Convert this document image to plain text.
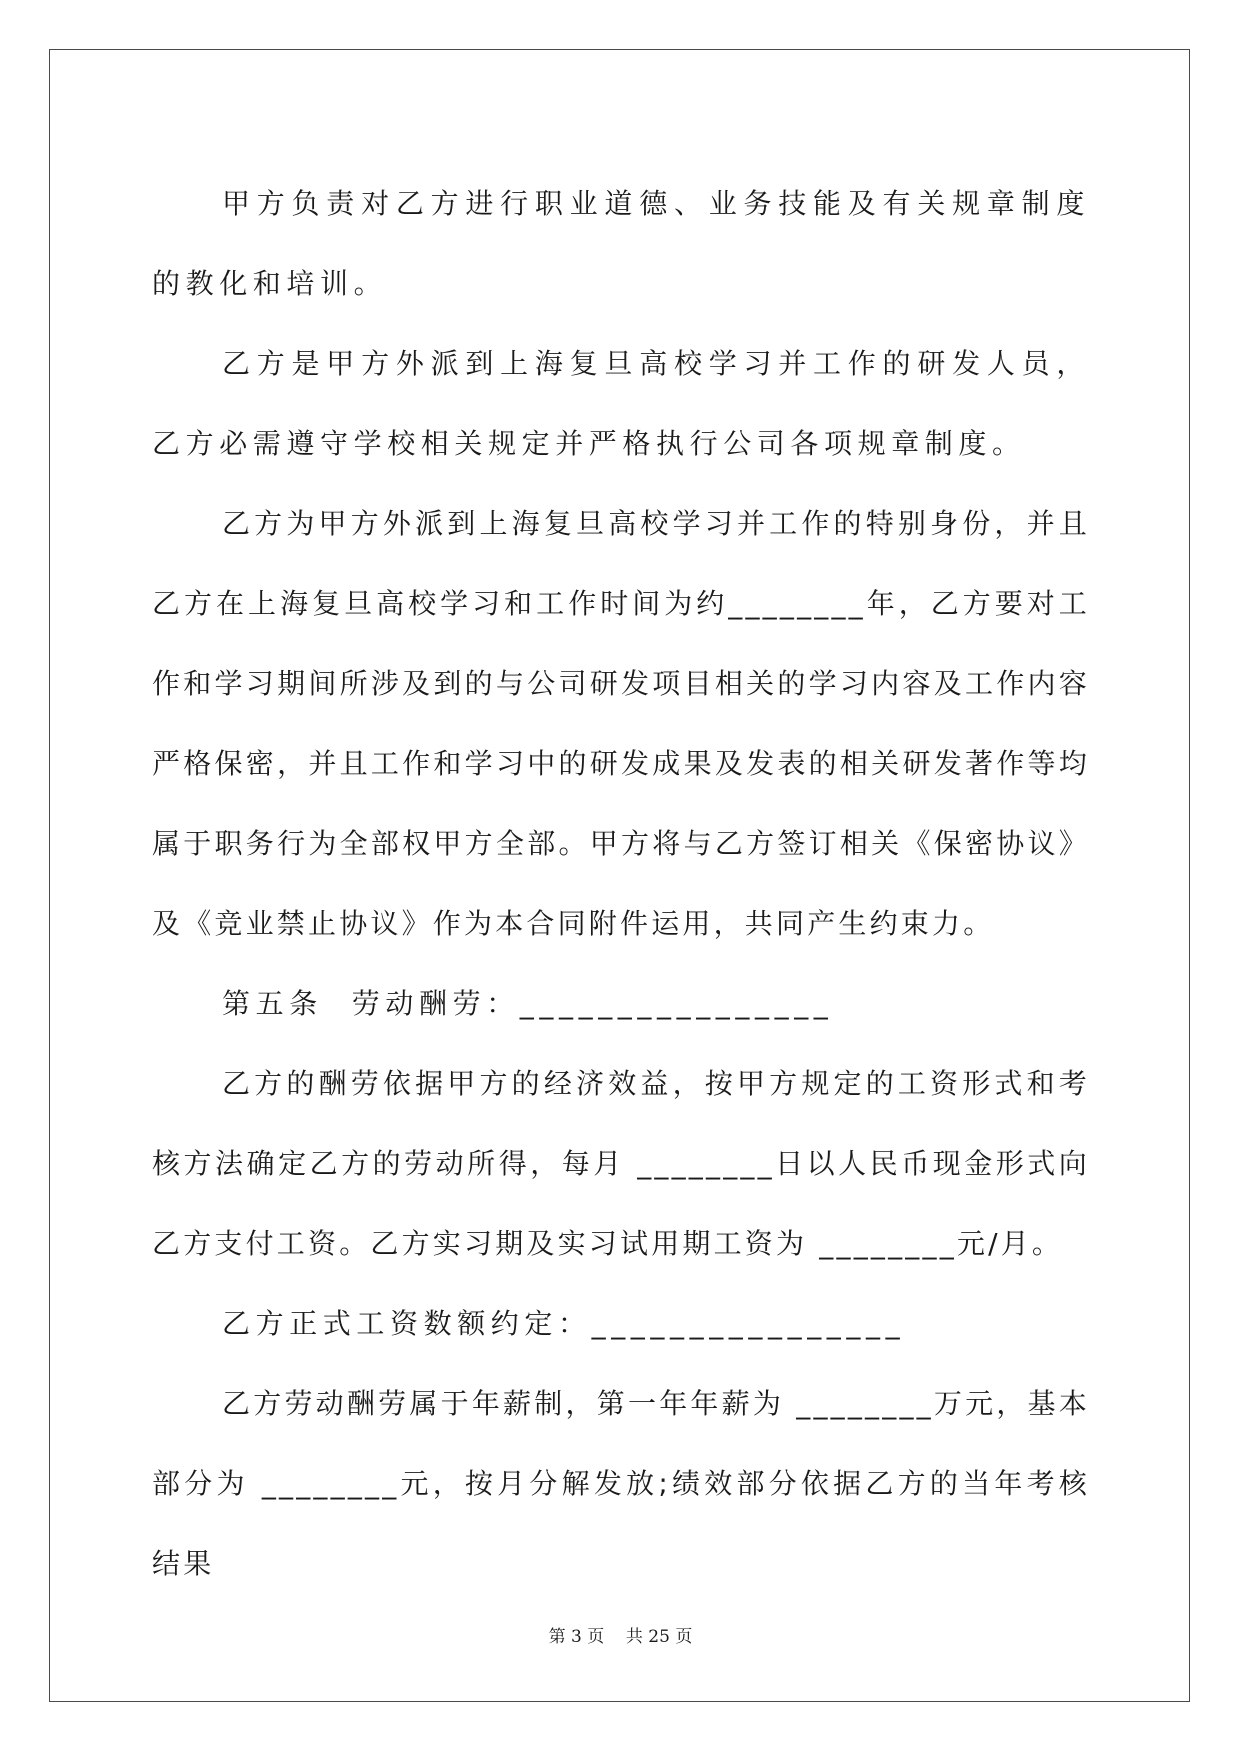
甲方负责对乙方进行职业道德、业务技能及有关规章制度的教化和培训。

乙方是甲方外派到上海复旦高校学习并工作的研发人员，乙方必需遵守学校相关规定并严格执行公司各项规章制度。

乙方为甲方外派到上海复旦高校学习并工作的特别身份，并且乙方在上海复旦高校学习和工作时间为约________年，乙方要对工作和学习期间所涉及到的与公司研发项目相关的学习内容及工作内容严格保密，并且工作和学习中的研发成果及发表的相关研发著作等均属于职务行为全部权甲方全部。甲方将与乙方签订相关《保密协议》及《竞业禁止协议》作为本合同附件运用，共同产生约束力。

第五条  劳动酬劳：________________

乙方的酬劳依据甲方的经济效益，按甲方规定的工资形式和考核方法确定乙方的劳动所得，每月 ________日以人民币现金形式向乙方支付工资。乙方实习期及实习试用期工资为 ________元/月。

乙方正式工资数额约定：________________

乙方劳动酬劳属于年薪制，第一年年薪为 ________万元，基本部分为 ________元，按月分解发放;绩效部分依据乙方的当年考核结果

第 3 页    共 25 页
